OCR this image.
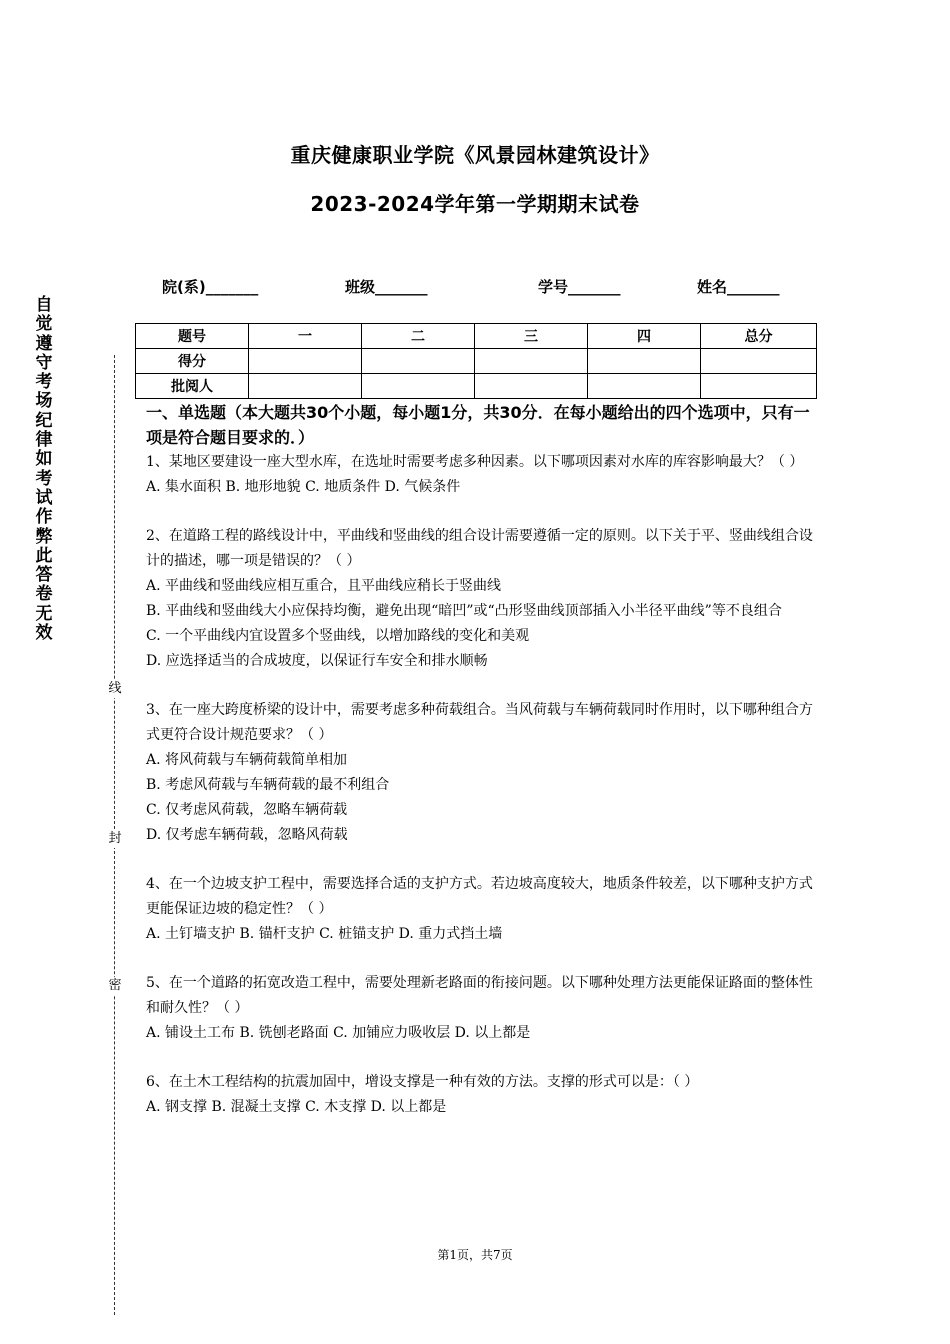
重庆健康职业学院《风景园林建筑设计》
2023-2024学年第一学期期末试卷
院(系)_______	班级_______	学号_______	姓名_______
题号	一	二	三	四	总分
得分					
批阅人					
自觉遵守考场纪律如考试作弊此答卷无效
线
封
密
一、单选题（本大题共30个小题，每小题1分，共30分．在每小题给出的四个选项中，只有一项是符合题目要求的．）
1、某地区要建设一座大型水库，在选址时需要考虑多种因素。以下哪项因素对水库的库容影响最大？（ ）
A. 集水面积 B. 地形地貌 C. 地质条件 D. 气候条件
2、在道路工程的路线设计中，平曲线和竖曲线的组合设计需要遵循一定的原则。以下关于平、竖曲线组合设计的描述，哪一项是错误的？（ ）
A. 平曲线和竖曲线应相互重合，且平曲线应稍长于竖曲线
B. 平曲线和竖曲线大小应保持均衡，避免出现“暗凹”或“凸形竖曲线顶部插入小半径平曲线”等不良组合
C. 一个平曲线内宜设置多个竖曲线，以增加路线的变化和美观
D. 应选择适当的合成坡度，以保证行车安全和排水顺畅
3、在一座大跨度桥梁的设计中，需要考虑多种荷载组合。当风荷载与车辆荷载同时作用时，以下哪种组合方式更符合设计规范要求？（ ）
A. 将风荷载与车辆荷载简单相加
B. 考虑风荷载与车辆荷载的最不利组合
C. 仅考虑风荷载，忽略车辆荷载
D. 仅考虑车辆荷载，忽略风荷载
4、在一个边坡支护工程中，需要选择合适的支护方式。若边坡高度较大，地质条件较差，以下哪种支护方式更能保证边坡的稳定性？（ ）
A. 土钉墙支护 B. 锚杆支护 C. 桩锚支护 D. 重力式挡土墙
5、在一个道路的拓宽改造工程中，需要处理新老路面的衔接问题。以下哪种处理方法更能保证路面的整体性和耐久性？（ ）
A. 铺设土工布 B. 铣刨老路面 C. 加铺应力吸收层 D. 以上都是
6、在土木工程结构的抗震加固中，增设支撑是一种有效的方法。支撑的形式可以是：（ ）
A. 钢支撑 B. 混凝土支撑 C. 木支撑 D. 以上都是
第1页，共7页
